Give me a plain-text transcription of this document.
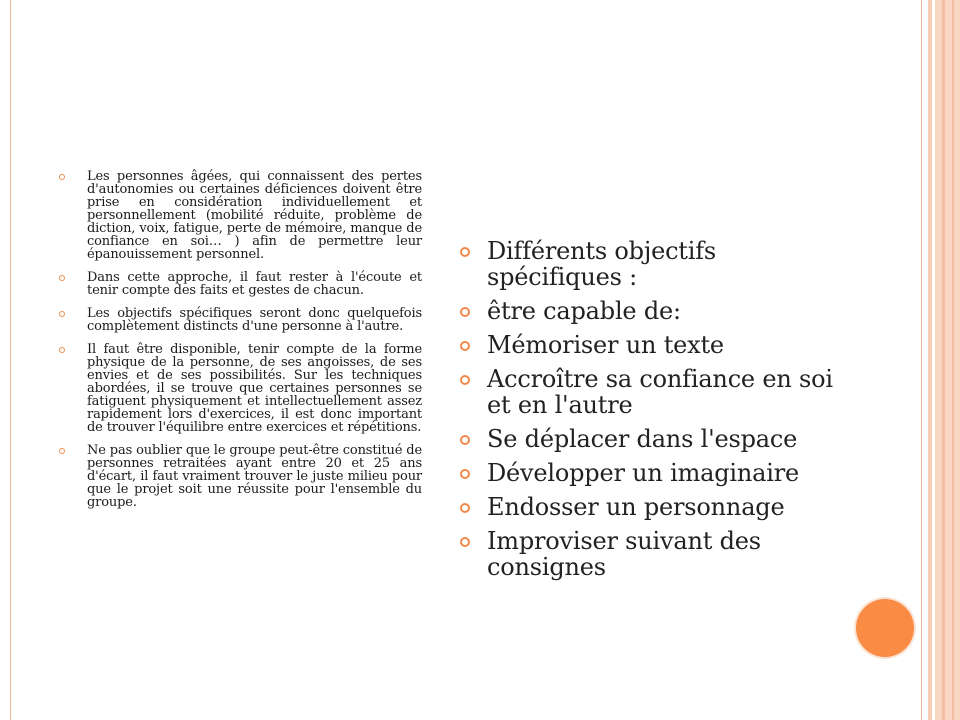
Les personnes âgées, qui connaissent des pertes d'autonomies ou certaines déficiences doivent être prise en considération individuellement et personnellement (mobilité réduite, problème de diction, voix, fatigue, perte de mémoire, manque de confiance en soi… ) afin de permettre leur épanouissement personnel.
Dans cette approche, il faut rester à l'écoute et tenir compte des faits et gestes de chacun.
Les objectifs spécifiques seront donc quelquefois complètement distincts d'une personne à l'autre.
Il faut être disponible, tenir compte de la forme physique de la personne, de ses angoisses, de ses envies et de ses possibilités. Sur les techniques abordées, il se trouve que certaines personnes se fatiguent physiquement et intellectuellement assez rapidement lors d'exercices, il est donc important de trouver l'équilibre entre exercices et répétitions.
Ne pas oublier que le groupe peut-être constitué de personnes retraitées ayant entre 20 et 25 ans d'écart, il faut vraiment trouver le juste milieu pour que le projet soit une réussite pour l'ensemble du groupe.
Différents objectifs spécifiques :
être capable de:
Mémoriser un texte
Accroître sa confiance en soi et en l'autre
Se déplacer dans l'espace
Développer un imaginaire
Endosser un personnage
Improviser suivant des consignes
